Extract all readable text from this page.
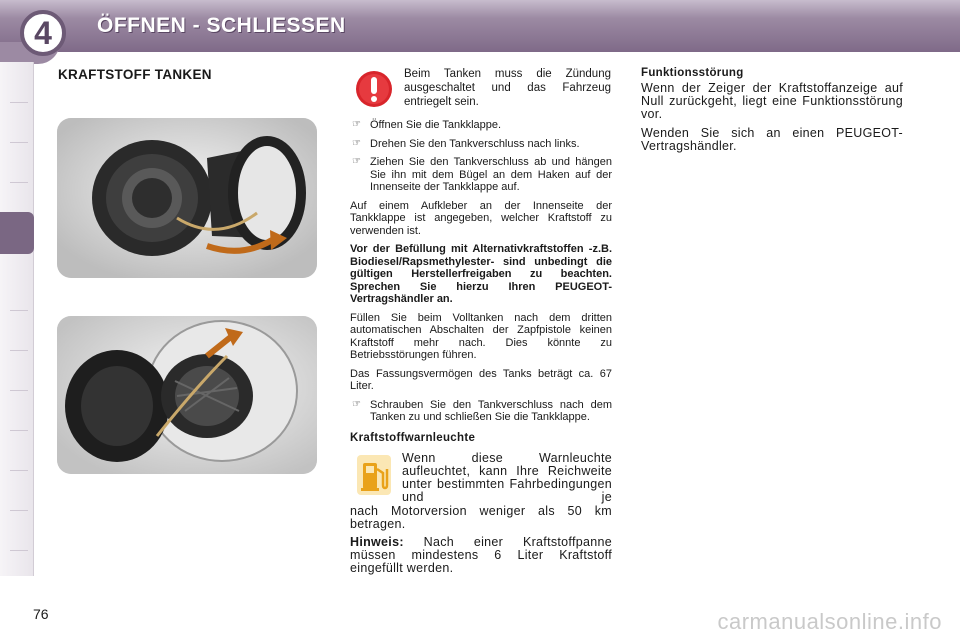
4	ÖFFNEN - SCHLIESSEN
KRAFTSTOFF TANKEN	Beim Tanken muss die Zündung ausgeschaltet und das Fahrzeug entriegelt sein.
☞ Öffnen Sie die Tankklappe.
☞ Drehen Sie den Tankverschluss nach links.
☞ Ziehen Sie den Tankverschluss ab und hängen Sie ihn mit dem Bügel an dem Haken auf der Innenseite der Tankklappe auf.

Auf einem Aufkleber an der Innenseite der Tankklappe ist angegeben, welcher Kraftstoff zu verwenden ist.

Vor der Befüllung mit Alternativkraftstoffen -z.B. Biodiesel/Rapsmethylester- sind unbedingt die gültigen Herstellerfreigaben zu beachten. Sprechen Sie hierzu Ihren PEUGEOT-Vertragshändler an.

Füllen Sie beim Volltanken nach dem dritten automatischen Abschalten der Zapfpistole keinen Kraftstoff mehr nach. Dies könnte zu Betriebsstörungen führen.

Das Fassungsvermögen des Tanks beträgt ca. 67 Liter.

☞ Schrauben Sie den Tankverschluss nach dem Tanken zu und schließen Sie die Tankklappe.
Kraftstoffwarnleuchte
Wenn diese Warnleuchte aufleuchtet, kann Ihre Reichweite unter bestimmten Fahrbedingungen und je
nach Motorversion weniger als 50 km betragen.
Hinweis: Nach einer Kraftstoffpanne müssen mindestens 6 Liter Kraftstoff eingefüllt werden.
Funktionsstörung

Wenn der Zeiger der Kraftstoffanzeige auf Null zurückgeht, liegt eine Funktionsstörung vor.

Wenden Sie sich an einen PEUGEOT-Vertragshändler.

76	carmanualsonline.info
